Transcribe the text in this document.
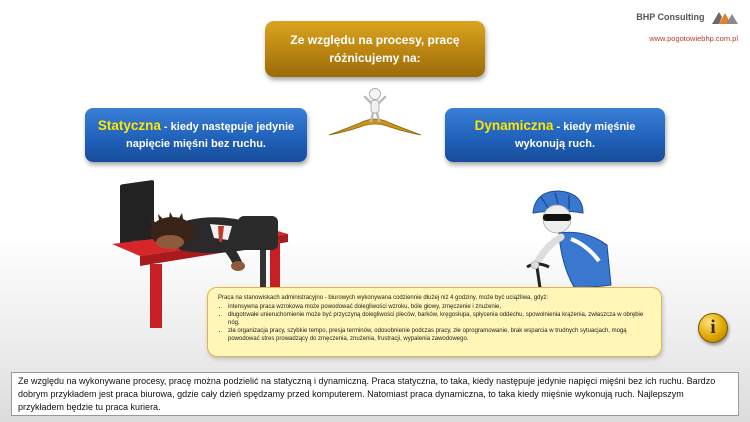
BHP Consulting
www.pogotowiebhp.com.pl
Ze względu na procesy, pracę
różnicujemy na:
Statyczna - kiedy następuje jedynie
napięcie mięśni bez ruchu.
Dynamiczna - kiedy mięśnie
wykonują ruch.
Praca na stanowiskach administracyjno - biurowych wykonywana codziennie dłużej niż 4 godziny, może być uciążliwa, gdyż:
• intensywna praca wzrokowa może powodować dolegliwości wzroku, bóle głowy, zmęczenie i znużenie,
• długotrwałe unieruchomienie może być przyczyną dolegliwości pleców, barków, kręgosłupa, spłycenia oddechu, spowolnienia krążenia, zwłaszcza w obrębie nóg,
• zła organizacja pracy, szybkie tempo, presja terminów, odosobnienie podczas pracy, złe oprogramowanie, brak wsparcia w trudnych sytuacjach, mogą powodować stres prowadzący do zmęczenia, znużenia, frustracji, wypalenia zawodowego.
i
Ze względu na wykonywane procesy, pracę można podzielić na statyczną i dynamiczną. Praca statyczna, to taka, kiedy następuje jedynie napięci mięśni bez ich ruchu. Bardzo dobrym przykładem jest praca biurowa, gdzie cały dzień spędzamy przed komputerem. Natomiast praca dynamiczna, to taka kiedy mięśnie wykonują ruch. Najlepszym przykładem będzie tu praca kuriera.
